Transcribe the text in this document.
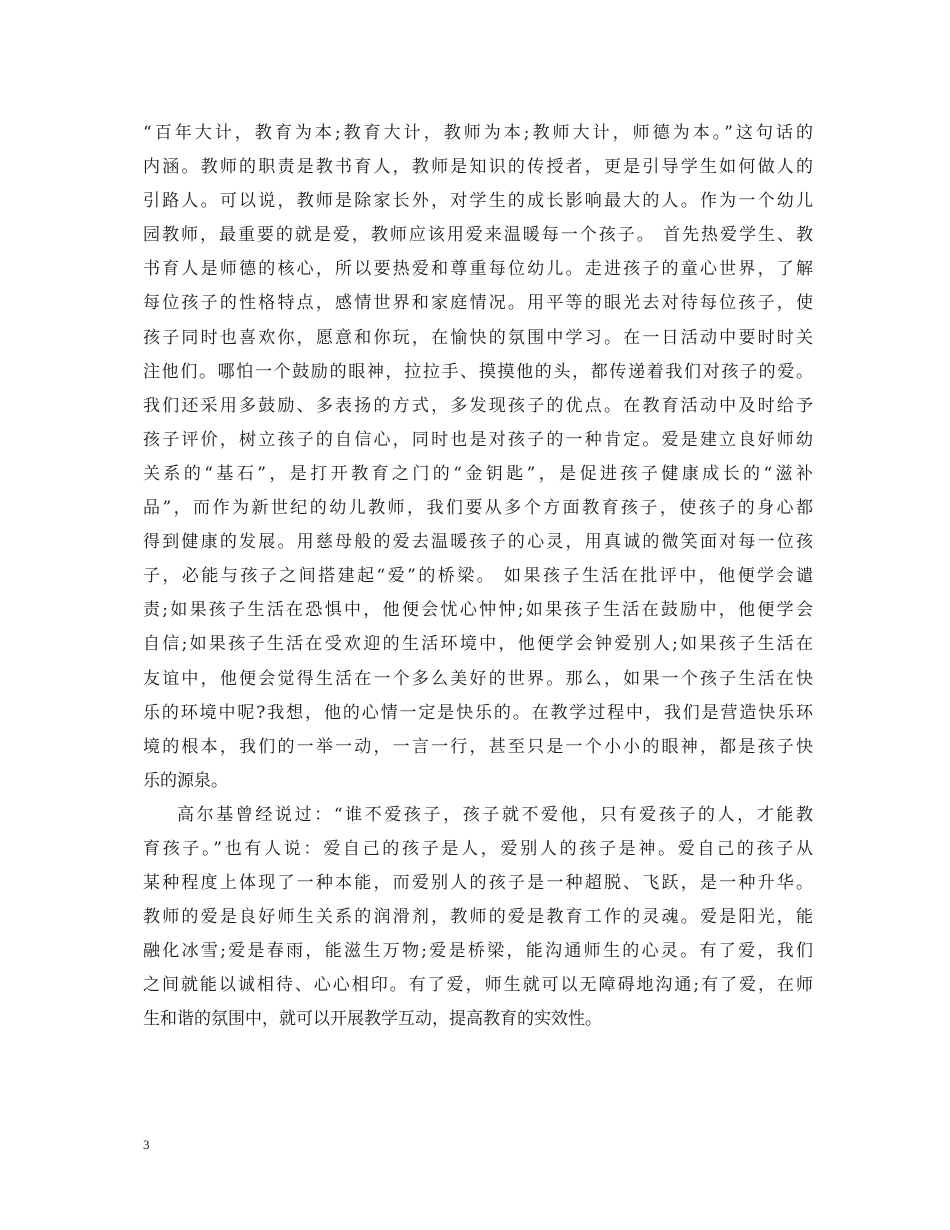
“百年大计，教育为本;教育大计，教师为本;教师大计，师德为本。”这句话的
内涵。教师的职责是教书育人，教师是知识的传授者，更是引导学生如何做人的
引路人。可以说，教师是除家长外，对学生的成长影响最大的人。作为一个幼儿
园教师，最重要的就是爱，教师应该用爱来温暖每一个孩子。 首先热爱学生、教
书育人是师德的核心，所以要热爱和尊重每位幼儿。走进孩子的童心世界，了解
每位孩子的性格特点，感情世界和家庭情况。用平等的眼光去对待每位孩子，使
孩子同时也喜欢你，愿意和你玩，在愉快的氛围中学习。在一日活动中要时时关
注他们。哪怕一个鼓励的眼神，拉拉手、摸摸他的头，都传递着我们对孩子的爱。
我们还采用多鼓励、多表扬的方式，多发现孩子的优点。在教育活动中及时给予
孩子评价，树立孩子的自信心，同时也是对孩子的一种肯定。爱是建立良好师幼
关系的“基石”，是打开教育之门的“金钥匙”，是促进孩子健康成长的“滋补
品”，而作为新世纪的幼儿教师，我们要从多个方面教育孩子，使孩子的身心都
得到健康的发展。用慈母般的爱去温暖孩子的心灵，用真诚的微笑面对每一位孩
子，必能与孩子之间搭建起“爱”的桥梁。 如果孩子生活在批评中，他便学会谴
责;如果孩子生活在恐惧中，他便会忧心忡忡;如果孩子生活在鼓励中，他便学会
自信;如果孩子生活在受欢迎的生活环境中，他便学会钟爱别人;如果孩子生活在
友谊中，他便会觉得生活在一个多么美好的世界。那么，如果一个孩子生活在快
乐的环境中呢?我想，他的心情一定是快乐的。在教学过程中，我们是营造快乐环
境的根本，我们的一举一动，一言一行，甚至只是一个小小的眼神，都是孩子快
乐的源泉。
高尔基曾经说过：“谁不爱孩子，孩子就不爱他，只有爱孩子的人，才能教
育孩子。”也有人说：爱自己的孩子是人，爱别人的孩子是神。爱自己的孩子从
某种程度上体现了一种本能，而爱别人的孩子是一种超脱、飞跃，是一种升华。
教师的爱是良好师生关系的润滑剂，教师的爱是教育工作的灵魂。爱是阳光，能
融化冰雪;爱是春雨，能滋生万物;爱是桥梁，能沟通师生的心灵。有了爱，我们
之间就能以诚相待、心心相印。有了爱，师生就可以无障碍地沟通;有了爱，在师
生和谐的氛围中，就可以开展教学互动，提高教育的实效性。
3
